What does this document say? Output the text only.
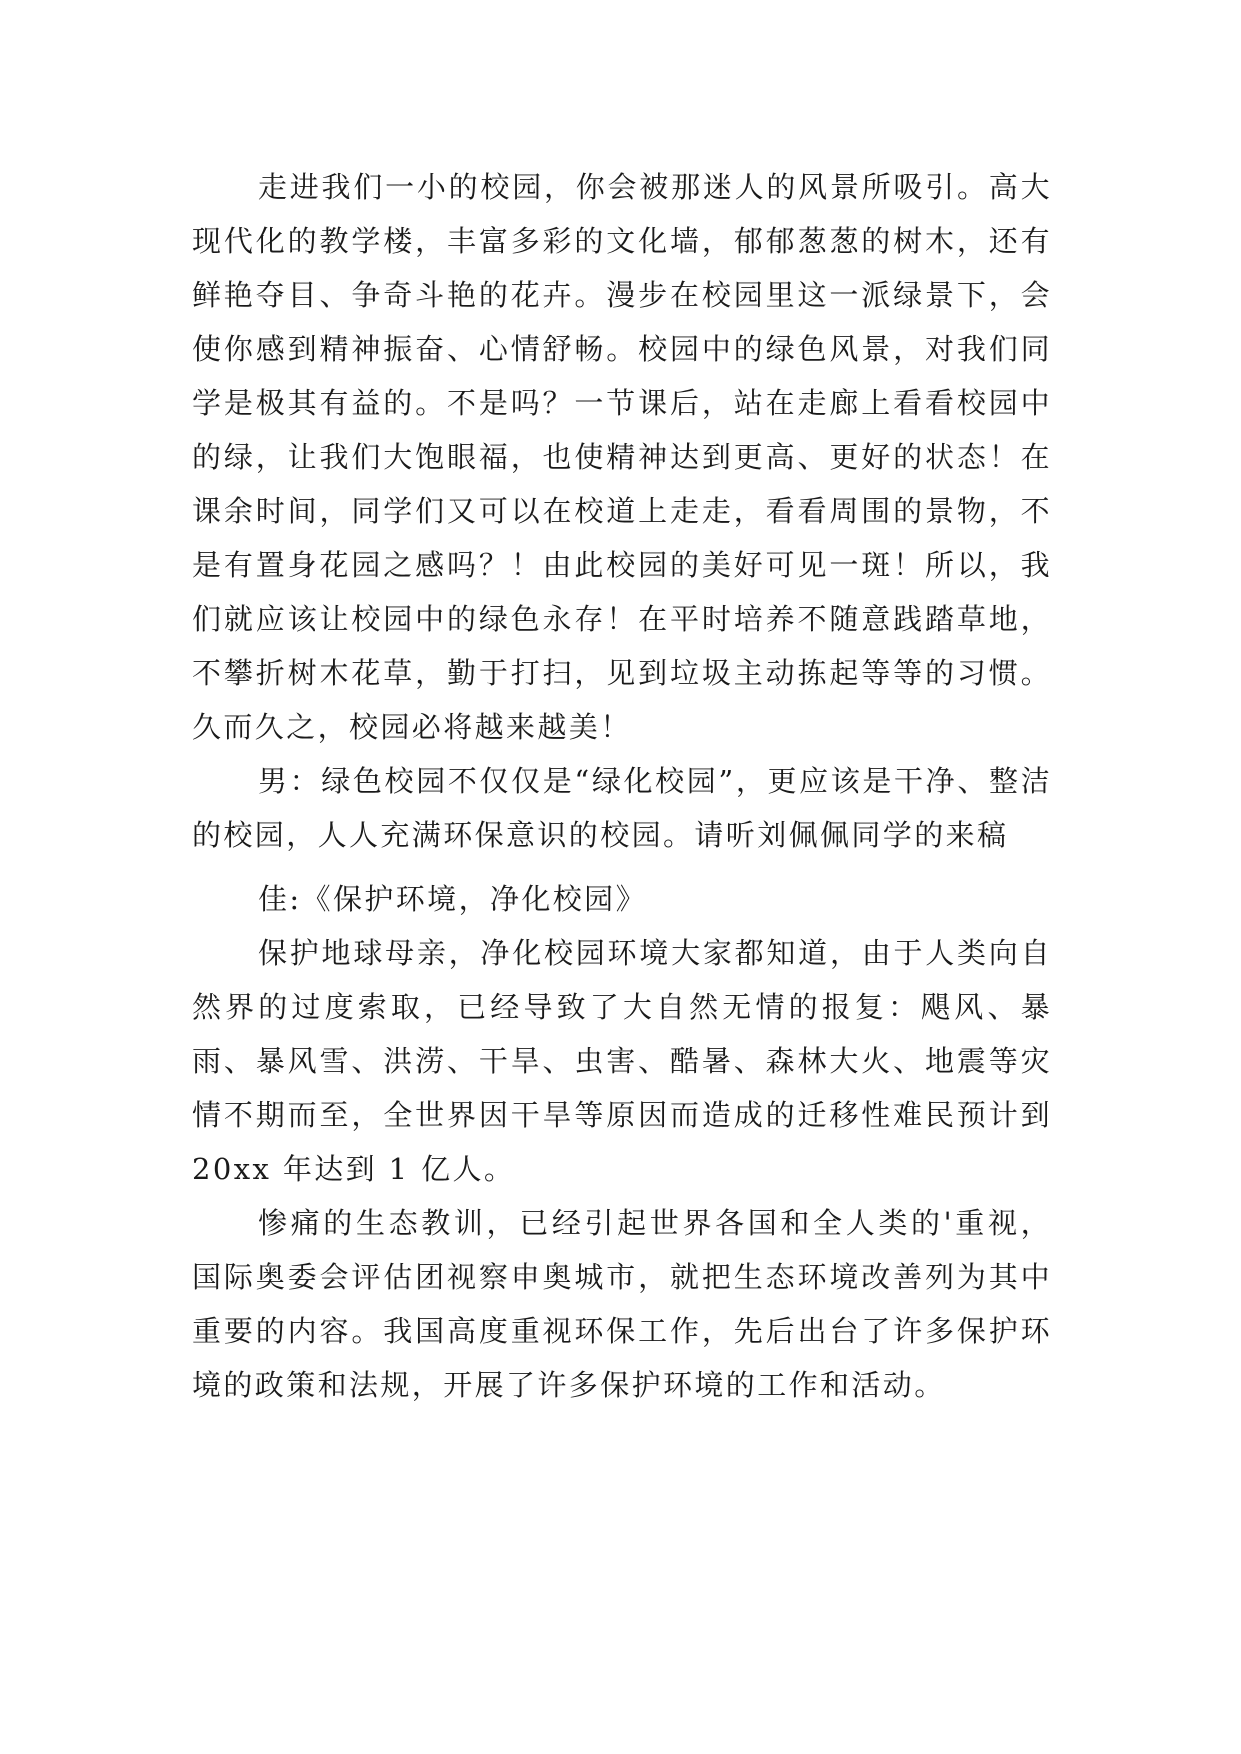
走进我们一小的校园，你会被那迷人的风景所吸引。高大现代化的教学楼，丰富多彩的文化墙，郁郁葱葱的树木，还有鲜艳夺目、争奇斗艳的花卉。漫步在校园里这一派绿景下，会使你感到精神振奋、心情舒畅。校园中的绿色风景，对我们同学是极其有益的。不是吗？一节课后，站在走廊上看看校园中的绿，让我们大饱眼福，也使精神达到更高、更好的状态！在课余时间，同学们又可以在校道上走走，看看周围的景物，不是有置身花园之感吗？！由此校园的美好可见一斑！所以，我们就应该让校园中的绿色永存！在平时培养不随意践踏草地，不攀折树木花草，勤于打扫，见到垃圾主动拣起等等的习惯。久而久之，校园必将越来越美！

男：绿色校园不仅仅是“绿化校园”，更应该是干净、整洁的校园，人人充满环保意识的校园。请听刘佩佩同学的来稿

佳:《保护环境，净化校园》

保护地球母亲，净化校园环境大家都知道，由于人类向自然界的过度索取，已经导致了大自然无情的报复：飓风、暴雨、暴风雪、洪涝、干旱、虫害、酷暑、森林大火、地震等灾情不期而至，全世界因干旱等原因而造成的迁移性难民预计到 20xx 年达到 1 亿人。

惨痛的生态教训，已经引起世界各国和全人类的'重视，国际奥委会评估团视察申奥城市，就把生态环境改善列为其中重要的内容。我国高度重视环保工作，先后出台了许多保护环境的政策和法规，开展了许多保护环境的工作和活动。
